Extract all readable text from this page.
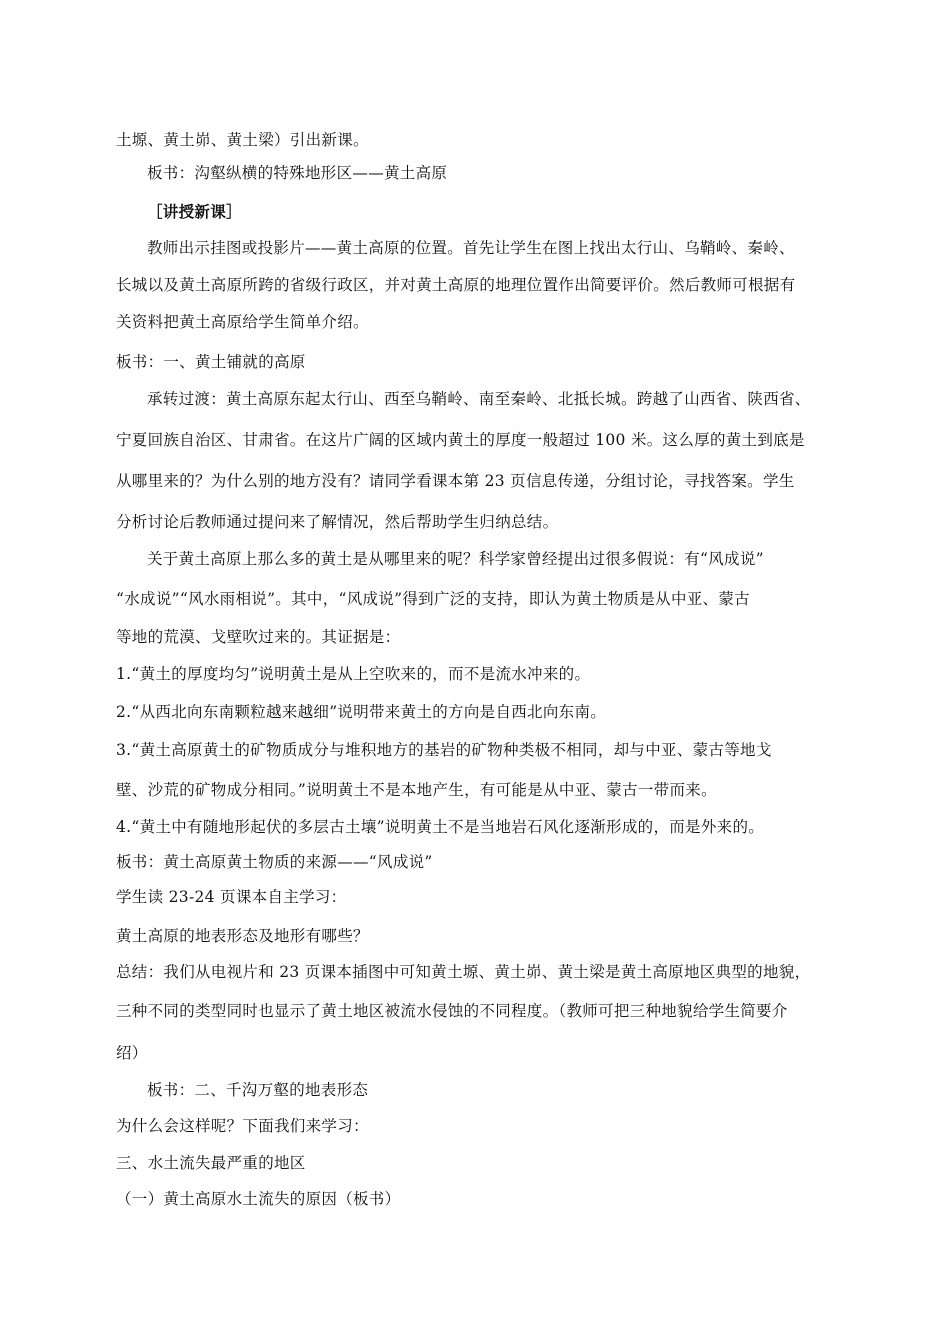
土塬、黄土峁、黄土梁）引出新课。
板书：沟壑纵横的特殊地形区——黄土高原
［讲授新课］
教师出示挂图或投影片——黄土高原的位置。首先让学生在图上找出太行山、乌鞘岭、秦岭、
长城以及黄土高原所跨的省级行政区，并对黄土高原的地理位置作出简要评价。然后教师可根据有
关资料把黄土高原给学生简单介绍。
板书：一、黄土铺就的高原
承转过渡：黄土高原东起太行山、西至乌鞘岭、南至秦岭、北抵长城。跨越了山西省、陕西省、
宁夏回族自治区、甘肃省。在这片广阔的区域内黄土的厚度一般超过 100 米。这么厚的黄土到底是
从哪里来的？为什么别的地方没有？请同学看课本第 23 页信息传递，分组讨论，寻找答案。学生
分析讨论后教师通过提问来了解情况，然后帮助学生归纳总结。
关于黄土高原上那么多的黄土是从哪里来的呢？科学家曾经提出过很多假说：有“风成说”
“水成说”“风水雨相说”。其中，“风成说”得到广泛的支持，即认为黄土物质是从中亚、蒙古
等地的荒漠、戈壁吹过来的。其证据是：
1.“黄土的厚度均匀”说明黄土是从上空吹来的，而不是流水冲来的。
2.“从西北向东南颗粒越来越细”说明带来黄土的方向是自西北向东南。
3.“黄土高原黄土的矿物质成分与堆积地方的基岩的矿物种类极不相同，却与中亚、蒙古等地戈
壁、沙荒的矿物成分相同。”说明黄土不是本地产生，有可能是从中亚、蒙古一带而来。
4.“黄土中有随地形起伏的多层古土壤”说明黄土不是当地岩石风化逐渐形成的，而是外来的。
板书：黄土高原黄土物质的来源——“风成说”
学生读 23-24 页课本自主学习：
黄土高原的地表形态及地形有哪些？
总结：我们从电视片和 23 页课本插图中可知黄土塬、黄土峁、黄土梁是黄土高原地区典型的地貌，
三种不同的类型同时也显示了黄土地区被流水侵蚀的不同程度。（教师可把三种地貌给学生简要介
绍）
板书：二、千沟万壑的地表形态
为什么会这样呢？下面我们来学习：
三、水土流失最严重的地区
（一）黄土高原水土流失的原因（板书）
